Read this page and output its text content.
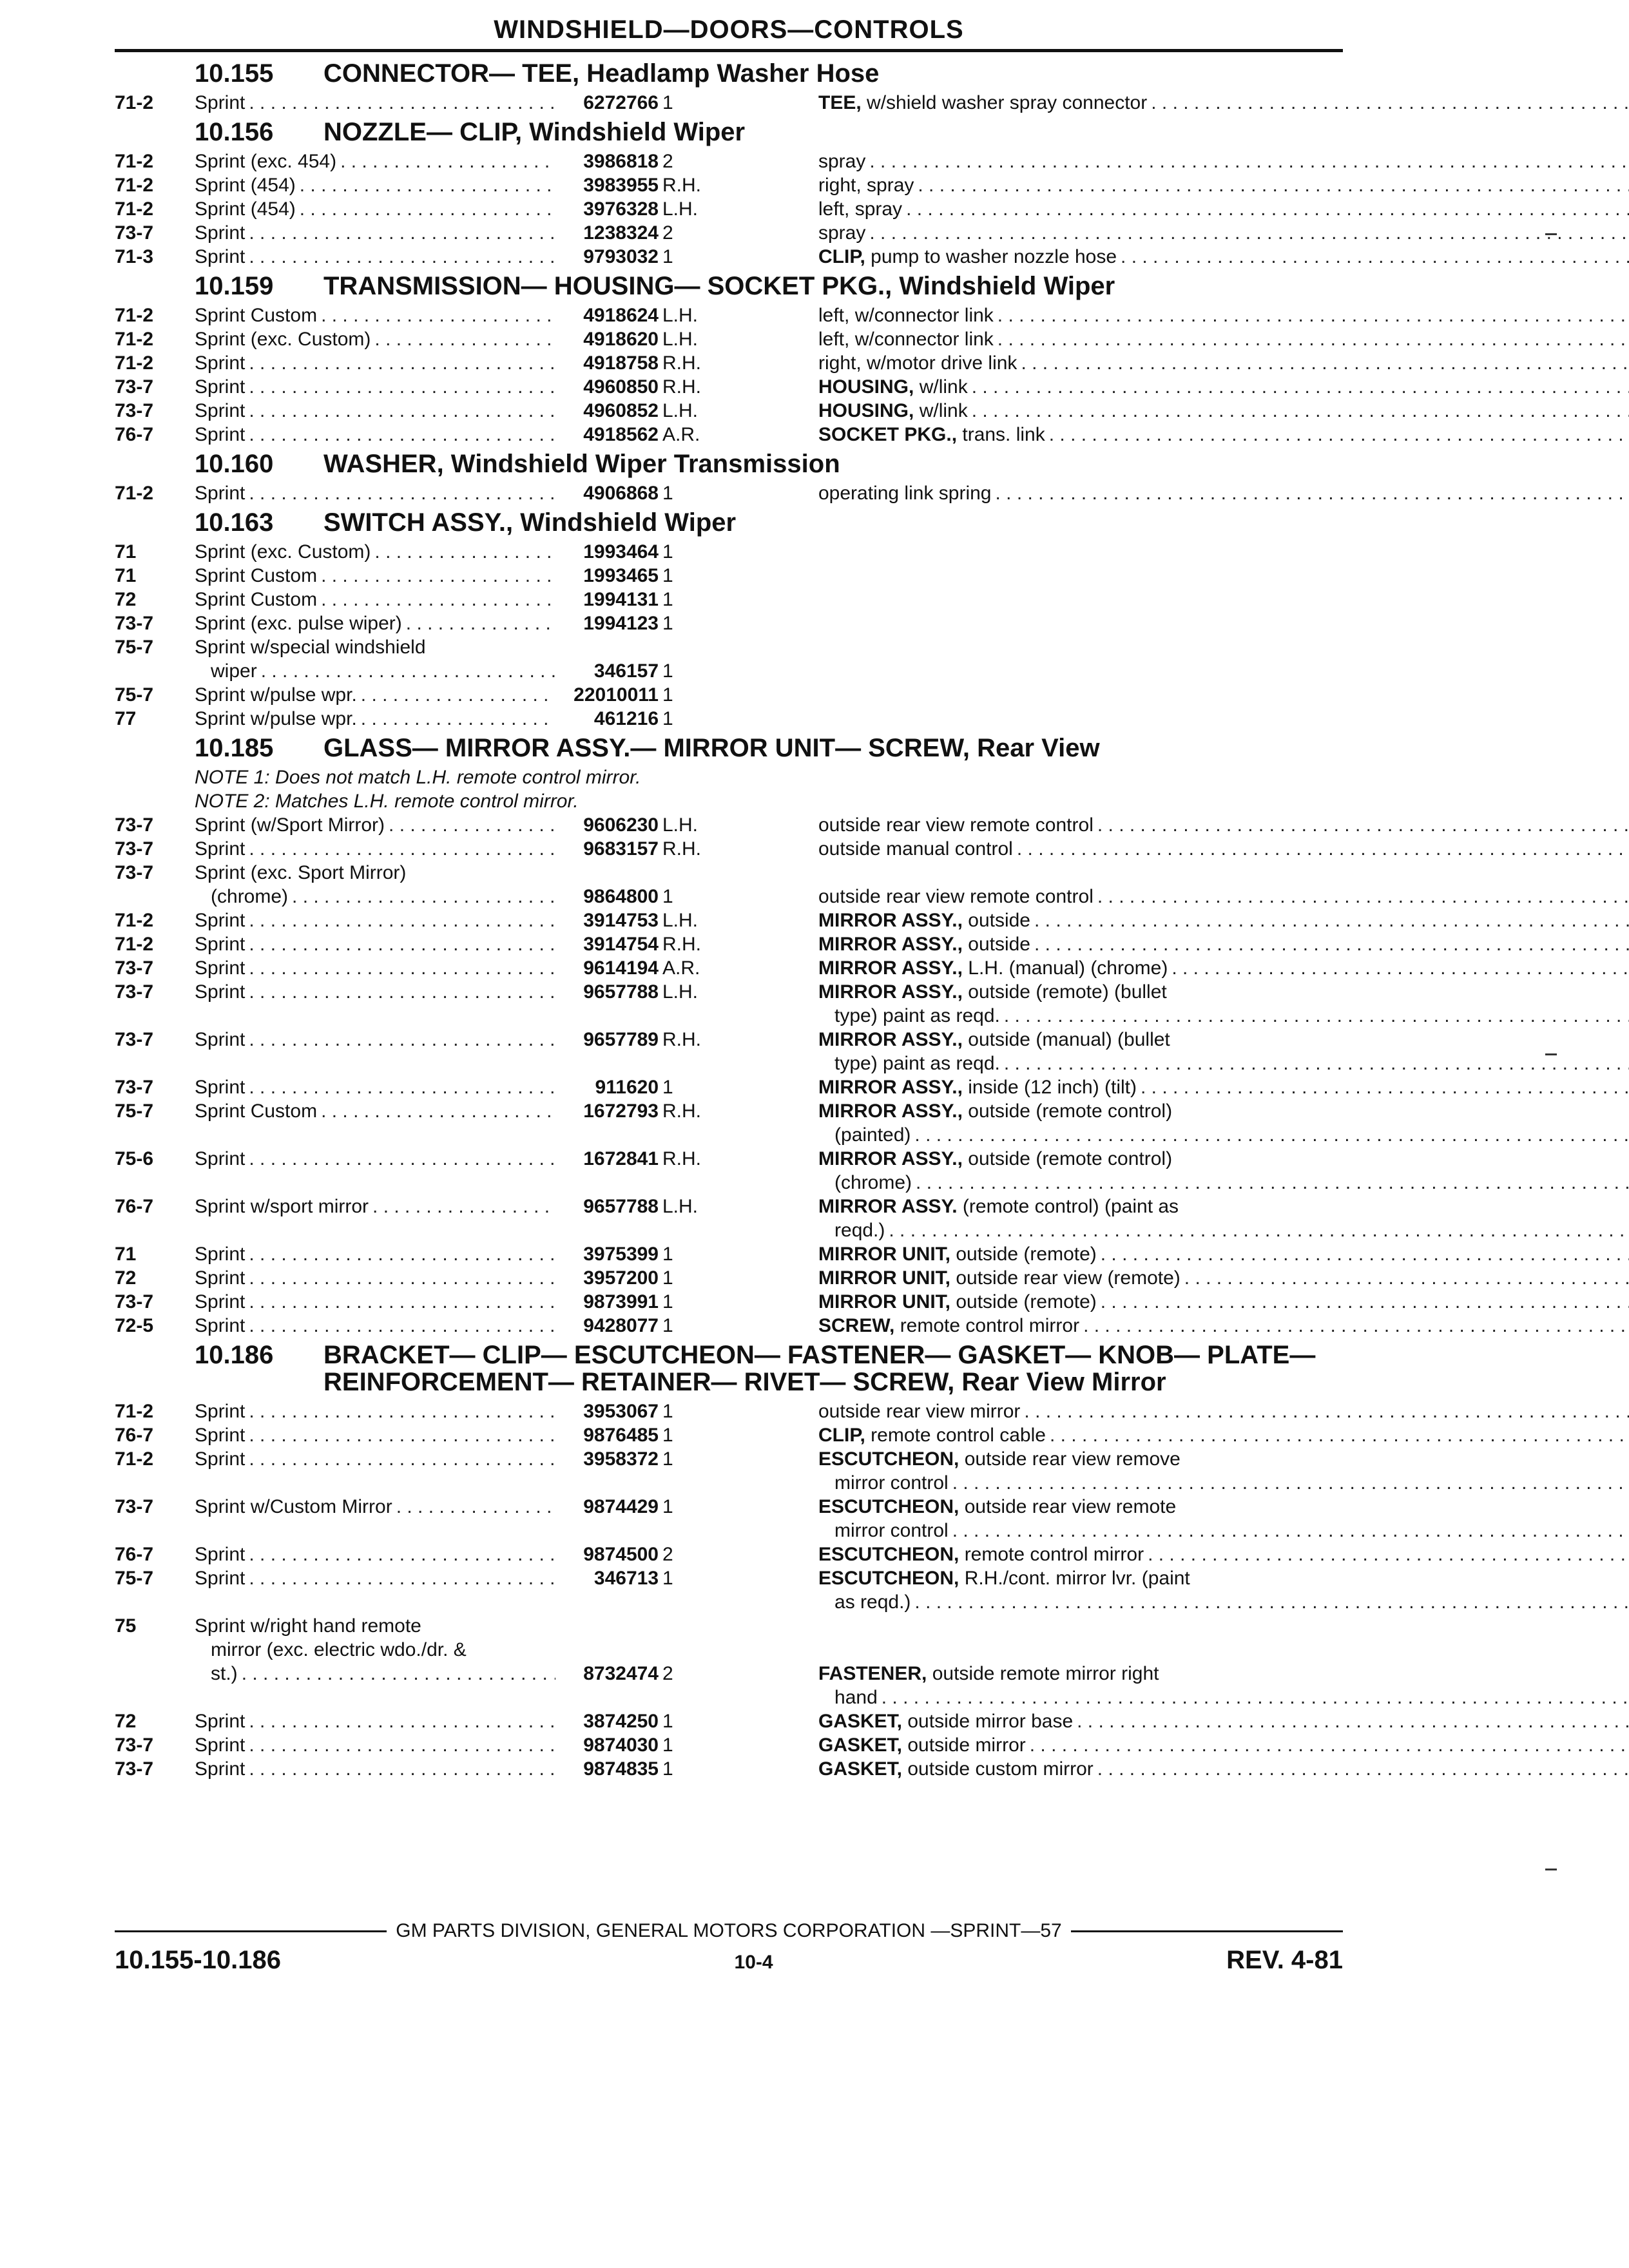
WINDSHIELD—DOORS—CONTROLS
10.155	CONNECTOR— TEE, Headlamp Washer Hose
71-2	Sprint . . .	6272766 1	TEE, w/shield washer spray connector
. . .
10.156	NOZZLE— CLIP, Windshield Wiper
71-2	Sprint (exc. 454) . . .	3986818 2	spray
. . .
71-2	Sprint (454) . . .	3983955 R.H.	right, spray
. . .
71-2	Sprint (454) . . .	3976328 L.H.	left, spray
. . .
73-7	Sprint . . .	1238324 2	spray
. . .
71-3	Sprint . . .	9793032 1	CLIP, pump to washer nozzle hose
. . .
10.159	TRANSMISSION— HOUSING— SOCKET PKG., Windshield Wiper
71-2	Sprint Custom . . .	4918624 L.H.	left, w/connector link
. . .
71-2	Sprint (exc. Custom) . . .	4918620 L.H.	left, w/connector link
. . .
71-2	Sprint . . .	4918758 R.H.	right, w/motor drive link
. . .
73-7	Sprint . . .	4960850 R.H.	HOUSING, w/link
. . .
73-7	Sprint . . .	4960852 L.H.	HOUSING, w/link
. . .
76-7	Sprint . . .	4918562 A.R.	SOCKET PKG., trans. link
. . .
10.160	WASHER, Windshield Wiper Transmission
71-2	Sprint . . .	4906868 1	operating link spring
. . .
10.163	SWITCH ASSY., Windshield Wiper
71	Sprint (exc. Custom) . . .	1993464 1
71	Sprint Custom . . .	1993465 1
72	Sprint Custom . . .	1994131 1
73-7	Sprint (exc. pulse wiper) . . .	1994123 1
75-7	Sprint w/special windshield
wiper . . .	346157 1
75-7	Sprint w/pulse wpr. . . .	22010011 1
77	Sprint w/pulse wpr. . . .	461216 1
10.185	GLASS— MIRROR ASSY.— MIRROR UNIT— SCREW, Rear View
NOTE 1: Does not match L.H. remote control mirror.
NOTE 2: Matches L.H. remote control mirror.
73-7	Sprint (w/Sport Mirror) . . .	9606230 L.H.	outside rear view remote control
. . .
73-7	Sprint . . .	9683157 R.H.	outside manual control
. . .
73-7	Sprint (exc. Sport Mirror)
(chrome) . . .	9864800 1	outside rear view remote control
. . .
71-2	Sprint . . .	3914753 L.H.	MIRROR ASSY., outside
. . .
71-2	Sprint . . .	3914754 R.H.	MIRROR ASSY., outside
. . .
73-7	Sprint . . .	9614194 A.R.	MIRROR ASSY., L.H. (manual) (chrome)
. . .
73-7	Sprint . . .	9657788 L.H.	MIRROR ASSY., outside (remote) (bullet
type) paint as reqd.
. . .
73-7	Sprint . . .	9657789 R.H.	MIRROR ASSY., outside (manual) (bullet
type) paint as reqd.
. . .
73-7	Sprint . . .	911620 1	MIRROR ASSY., inside (12 inch) (tilt)
. . .
75-7	Sprint Custom . . .	1672793 R.H.	MIRROR ASSY., outside (remote control)
(painted)
. . .
75-6	Sprint . . .	1672841 R.H.	MIRROR ASSY., outside (remote control)
(chrome)
. . .
76-7	Sprint w/sport mirror . . .	9657788 L.H.	MIRROR ASSY. (remote control) (paint as
reqd.)
. . .
71	Sprint . . .	3975399 1	MIRROR UNIT, outside (remote)
. . .
72	Sprint . . .	3957200 1	MIRROR UNIT, outside rear view (remote)
. . .
73-7	Sprint . . .	9873991 1	MIRROR UNIT, outside (remote)
. . .
72-5	Sprint . . .	9428077 1	SCREW, remote control mirror
. . .
10.186	BRACKET— CLIP— ESCUTCHEON— FASTENER— GASKET— KNOB— PLATE— REINFORCEMENT— RETAINER— RIVET— SCREW, Rear View Mirror
71-2	Sprint . . .	3953067 1	outside rear view mirror
. . .
76-7	Sprint . . .	9876485 1	CLIP, remote control cable
. . .
71-2	Sprint . . .	3958372 1	ESCUTCHEON, outside rear view remove
mirror control
. . .
73-7	Sprint w/Custom Mirror . . .	9874429 1	ESCUTCHEON, outside rear view remote
mirror control
. . .
76-7	Sprint . . .	9874500 2	ESCUTCHEON, remote control mirror
. . .
75-7	Sprint . . .	346713 1	ESCUTCHEON, R.H./cont. mirror lvr. (paint
as reqd.)
. . .
75	Sprint w/right hand remote
mirror (exc. electric wdo./dr. &
st.) . . .	8732474 2	FASTENER, outside remote mirror right
hand
. . .
72	Sprint . . .	3874250 1	GASKET, outside mirror base
. . .
73-7	Sprint . . .	9874030 1	GASKET, outside mirror
. . .
73-7	Sprint . . .	9874835 1	GASKET, outside custom mirror
. . .
GM PARTS DIVISION, GENERAL MOTORS CORPORATION —SPRINT—57
10.155-10.186	10-4	REV. 4-81
